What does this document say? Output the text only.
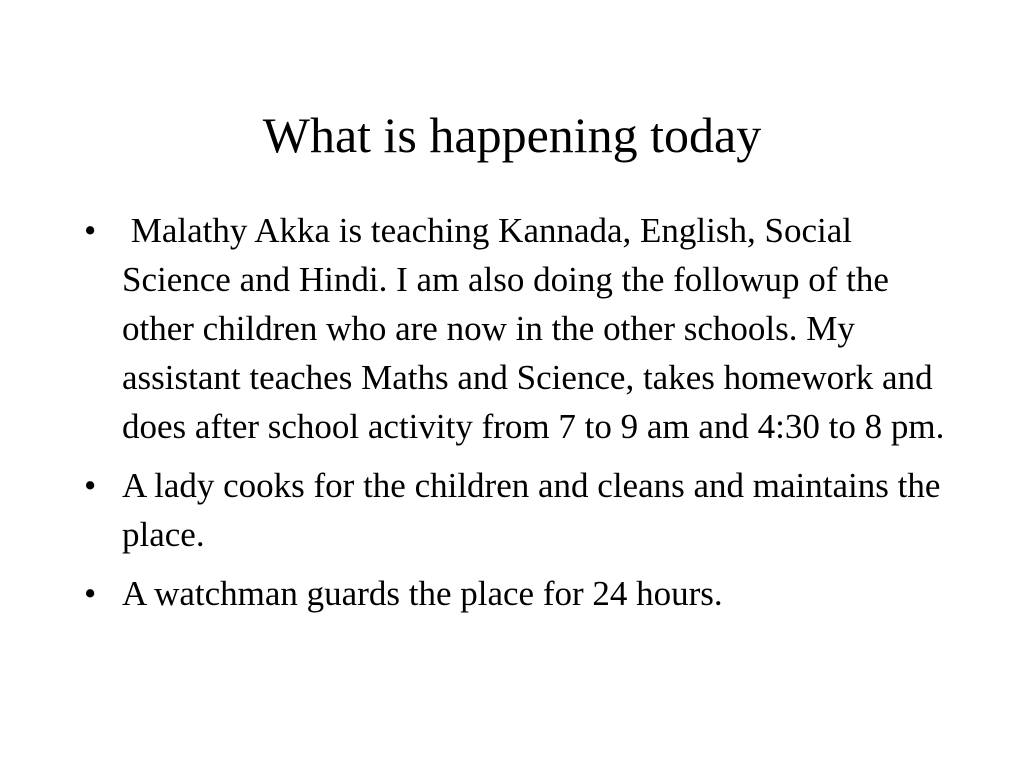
What is happening today
• Malathy Akka is teaching Kannada, English, Social Science and Hindi. I am also doing the followup of the other children who are now in the other schools. My assistant teaches Maths and Science, takes homework and does after school activity from 7 to 9 am and 4:30 to 8 pm.
• A lady cooks for the children and cleans and maintains the place.
• A watchman guards the place for 24 hours.
